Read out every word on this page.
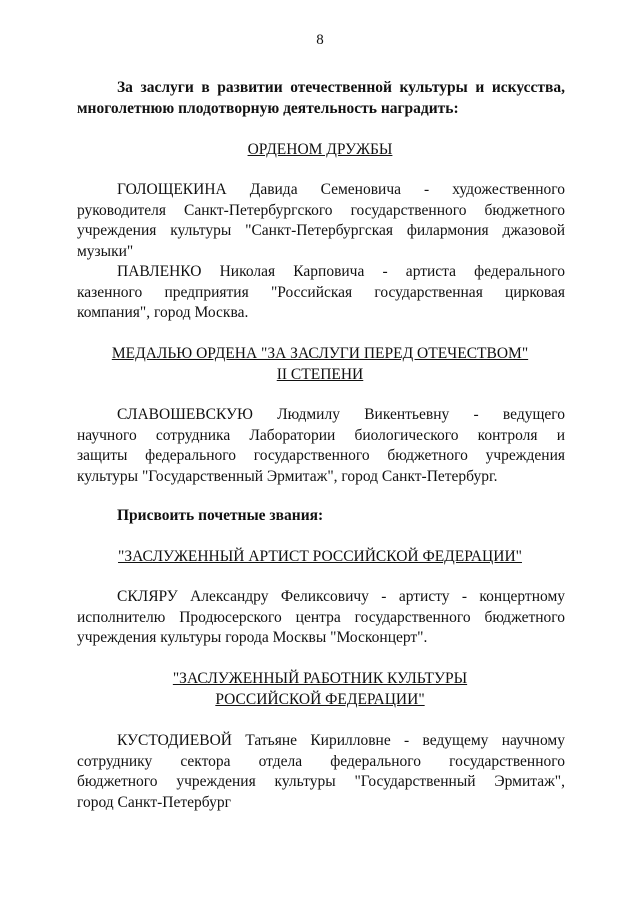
8

За заслуги в развитии отечественной культуры и искусства,

многолетнюю плодотворную деятельность наградить:

ОРДЕНОМ ДРУЖБЫ

ГОЛОЩЕКИНА Давида Семеновича - художественного

руководителя Санкт-Петербургского государственного бюджетного

учреждения культуры "Санкт-Петербургская филармония джазовой

музыки"

ПАВЛЕНКО Николая Карповича - артиста федерального

казенного предприятия "Российская государственная цирковая

компания", город Москва.

МЕДАЛЬЮ ОРДЕНА "ЗА ЗАСЛУГИ ПЕРЕД ОТЕЧЕСТВОМ"
II СТЕПЕНИ

СЛАВОШЕВСКУЮ Людмилу Викентьевну - ведущего

научного сотрудника Лаборатории биологического контроля и

защиты федерального государственного бюджетного учреждения

культуры "Государственный Эрмитаж", город Санкт-Петербург.

Присвоить почетные звания:

"ЗАСЛУЖЕННЫЙ АРТИСТ РОССИЙСКОЙ ФЕДЕРАЦИИ"

СКЛЯРУ Александру Феликсовичу - артисту - концертному

исполнителю Продюсерского центра государственного бюджетного

учреждения культуры города Москвы "Москонцерт".

"ЗАСЛУЖЕННЫЙ РАБОТНИК КУЛЬТУРЫ
РОССИЙСКОЙ ФЕДЕРАЦИИ"

КУСТОДИЕВОЙ Татьяне Кирилловне - ведущему научному

сотруднику сектора отдела федерального государственного

бюджетного учреждения культуры "Государственный Эрмитаж",

город Санкт-Петербург
